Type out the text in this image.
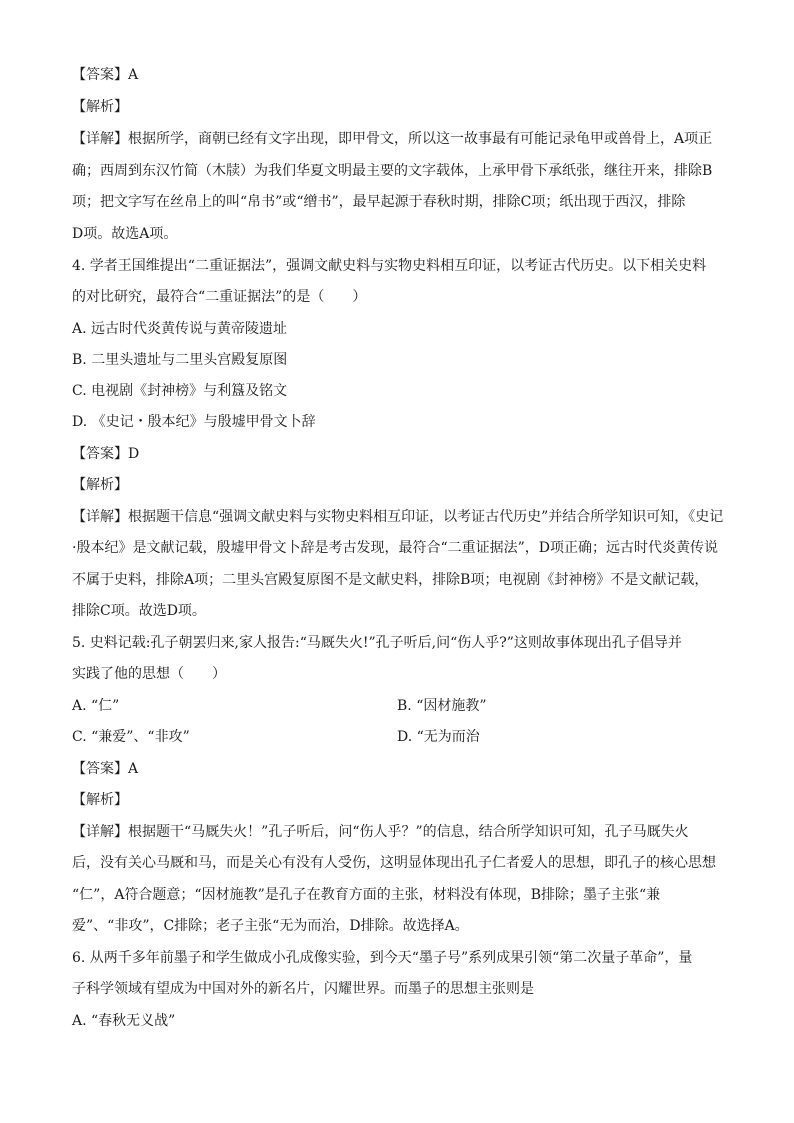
【答案】A
【解析】
【详解】根据所学，商朝已经有文字出现，即甲骨文，所以这一故事最有可能记录龟甲或兽骨上，A项正
确；西周到东汉竹简（木牍）为我们华夏文明最主要的文字载体，上承甲骨下承纸张，继往开来，排除B
项；把文字写在丝帛上的叫“帛书”或“缯书”，最早起源于春秋时期，排除C项；纸出现于西汉，排除
D项。故选A项。
4. 学者王国维提出“二重证据法”，强调文献史料与实物史料相互印证，以考证古代历史。以下相关史料
的对比研究，最符合“二重证据法”的是（　　）
A. 远古时代炎黄传说与黄帝陵遗址
B. 二里头遗址与二里头宫殿复原图
C. 电视剧《封神榜》与利簋及铭文
D. 《史记・殷本纪》与殷墟甲骨文卜辞
【答案】D
【解析】
【详解】根据题干信息“强调文献史料与实物史料相互印证，以考证古代历史”并结合所学知识可知，《史记
·殷本纪》是文献记载，殷墟甲骨文卜辞是考古发现，最符合“二重证据法”，D项正确；远古时代炎黄传说
不属于史料，排除A项；二里头宫殿复原图不是文献史料，排除B项；电视剧《封神榜》不是文献记载，
排除C项。故选D项。
5. 史料记载:孔子朝罢归来,家人报告:“马厩失火!”孔子听后,问“伤人乎?”这则故事体现出孔子倡导并
实践了他的思想（　　）
A. “仁”	B. “因材施教”
C. “兼爱”、“非攻”	D. “无为而治
【答案】A
【解析】
【详解】根据题干“马厩失火！”孔子听后，问“伤人乎？”的信息，结合所学知识可知，孔子马厩失火
后，没有关心马厩和马，而是关心有没有人受伤，这明显体现出孔子仁者爱人的思想，即孔子的核心思想
“仁”，A符合题意；“因材施教”是孔子在教育方面的主张，材料没有体现，B排除；墨子主张“兼
爱”、“非攻”，C排除；老子主张“无为而治，D排除。故选择A。
6. 从两千多年前墨子和学生做成小孔成像实验，到今天“墨子号”系列成果引领“第二次量子革命”，量
子科学领域有望成为中国对外的新名片，闪耀世界。而墨子的思想主张则是
A. “春秋无义战”
